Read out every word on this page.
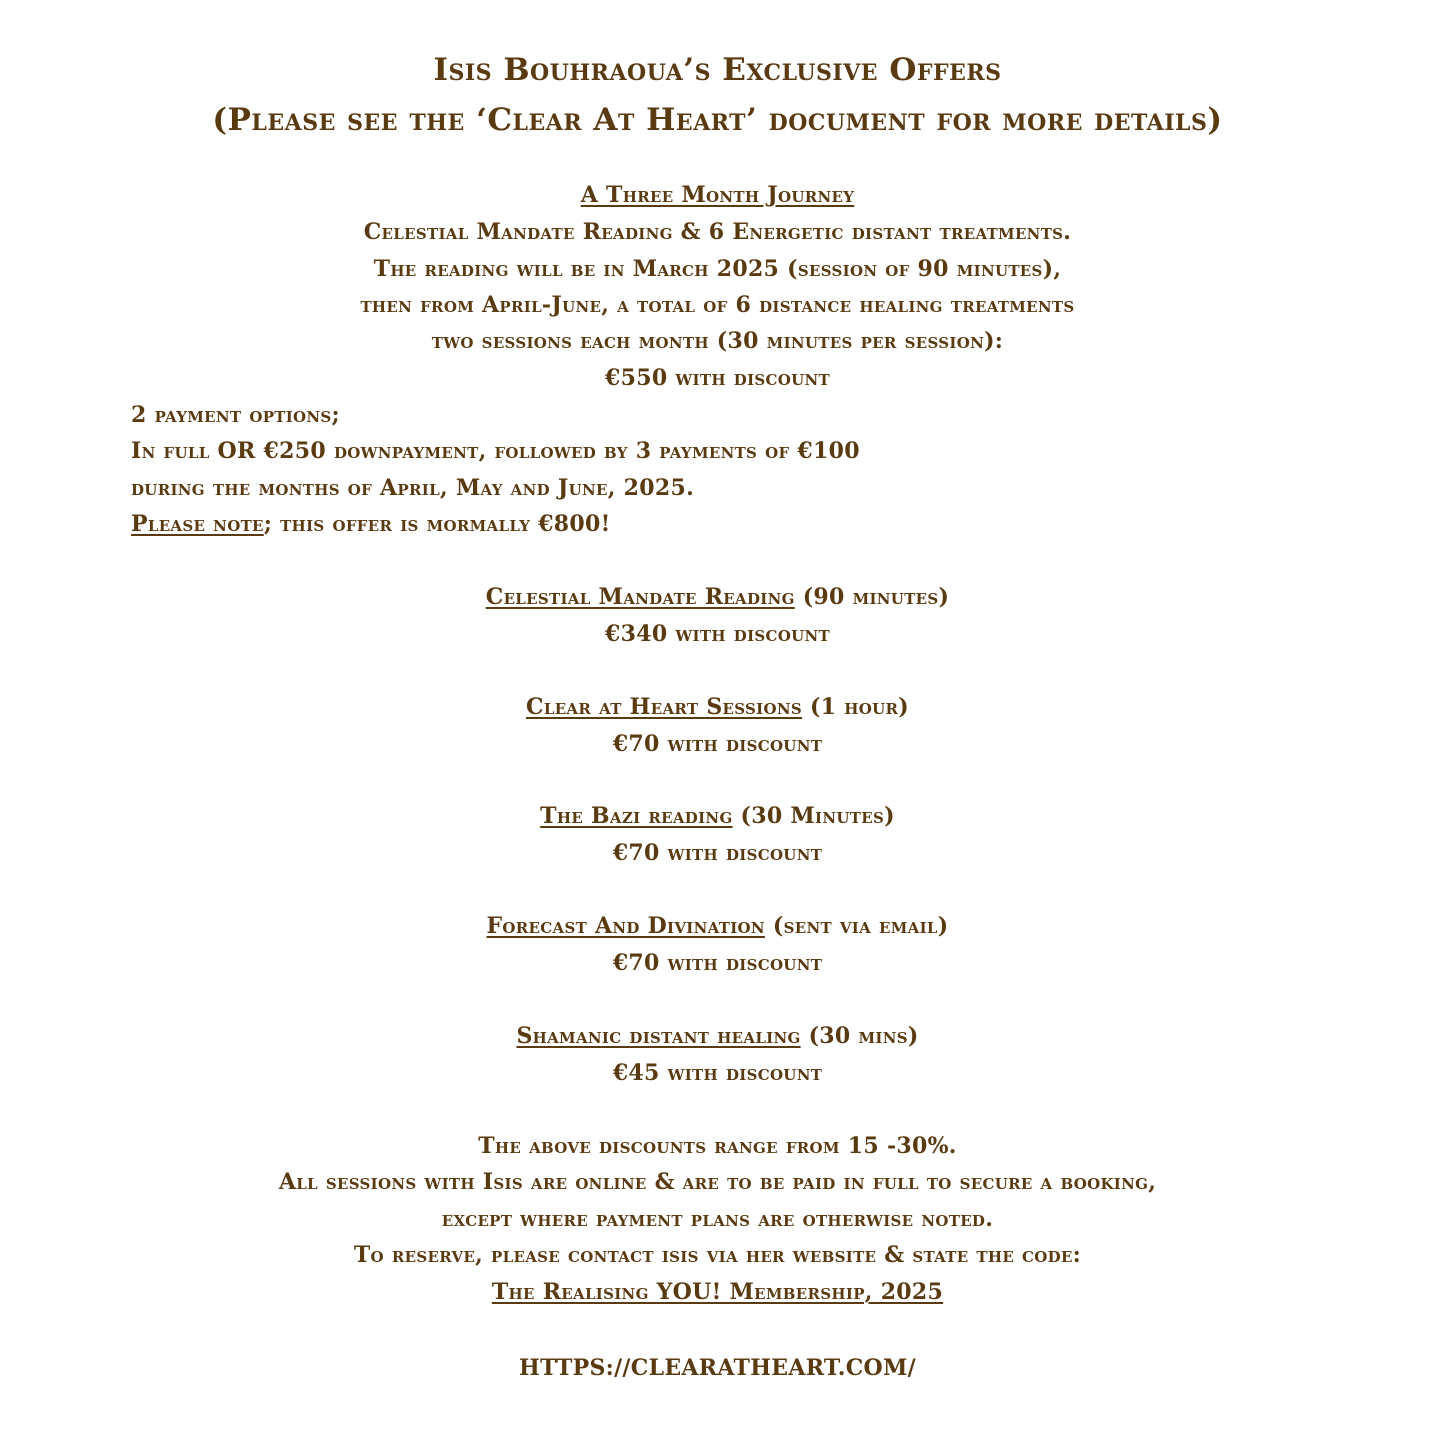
Isis Bouhraoua’s Exclusive Offers
(Please see the ‘Clear At Heart’ document for more details)
A Three Month Journey
Celestial Mandate Reading & 6 Energetic distant treatments.
The reading will be in March 2025 (session of 90 minutes),
then from April-June, a total of 6 distance healing treatments
two sessions each month (30 minutes per session):
€550 with discount
2 payment options;
In full OR €250 downpayment, followed by 3 payments of €100
during the months of April, May and June, 2025.
Please note; this offer is mormally €800!
Celestial Mandate Reading (90 minutes)
€340 with discount
Clear at Heart Sessions (1 hour)
€70 with discount
The Bazi reading (30 Minutes)
€70 with discount
Forecast And Divination (sent via email)
€70 with discount
Shamanic distant healing (30 mins)
€45 with discount
The above discounts range from 15 -30%.
All sessions with Isis are online & are to be paid in full to secure a booking,
except where payment plans are otherwise noted.
To reserve, please contact isis via her website & state the code:
The Realising YOU! Membership, 2025
HTTPS://CLEARATHEART.COM/
